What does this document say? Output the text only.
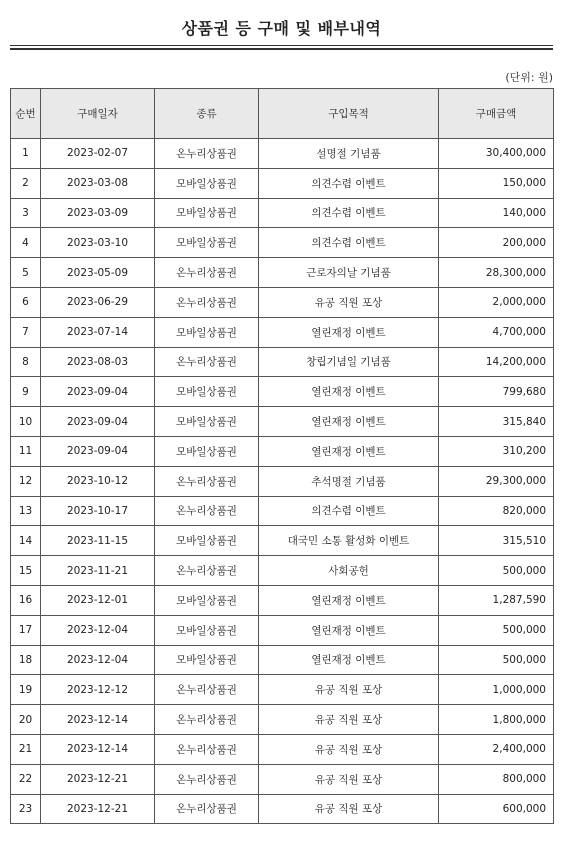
상품권 등 구매 및 배부내역
(단위: 원)
순번	구매일자	종류	구입목적	구매금액
1	2023-02-07	온누리상품권	설명절 기념품	30,400,000
2	2023-03-08	모바일상품권	의견수렴 이벤트	150,000
3	2023-03-09	모바일상품권	의견수렴 이벤트	140,000
4	2023-03-10	모바일상품권	의견수렴 이벤트	200,000
5	2023-05-09	온누리상품권	근로자의날 기념품	28,300,000
6	2023-06-29	온누리상품권	유공 직원 포상	2,000,000
7	2023-07-14	모바일상품권	열린재정 이벤트	4,700,000
8	2023-08-03	온누리상품권	창립기념일 기념품	14,200,000
9	2023-09-04	모바일상품권	열린재정 이벤트	799,680
10	2023-09-04	모바일상품권	열린재정 이벤트	315,840
11	2023-09-04	모바일상품권	열린재정 이벤트	310,200
12	2023-10-12	온누리상품권	추석명절 기념품	29,300,000
13	2023-10-17	온누리상품권	의견수렴 이벤트	820,000
14	2023-11-15	모바일상품권	대국민 소통 활성화 이벤트	315,510
15	2023-11-21	온누리상품권	사회공헌	500,000
16	2023-12-01	모바일상품권	열린재정 이벤트	1,287,590
17	2023-12-04	모바일상품권	열린재정 이벤트	500,000
18	2023-12-04	모바일상품권	열린재정 이벤트	500,000
19	2023-12-12	온누리상품권	유공 직원 포상	1,000,000
20	2023-12-14	온누리상품권	유공 직원 포상	1,800,000
21	2023-12-14	온누리상품권	유공 직원 포상	2,400,000
22	2023-12-21	온누리상품권	유공 직원 포상	800,000
23	2023-12-21	온누리상품권	유공 직원 포상	600,000
